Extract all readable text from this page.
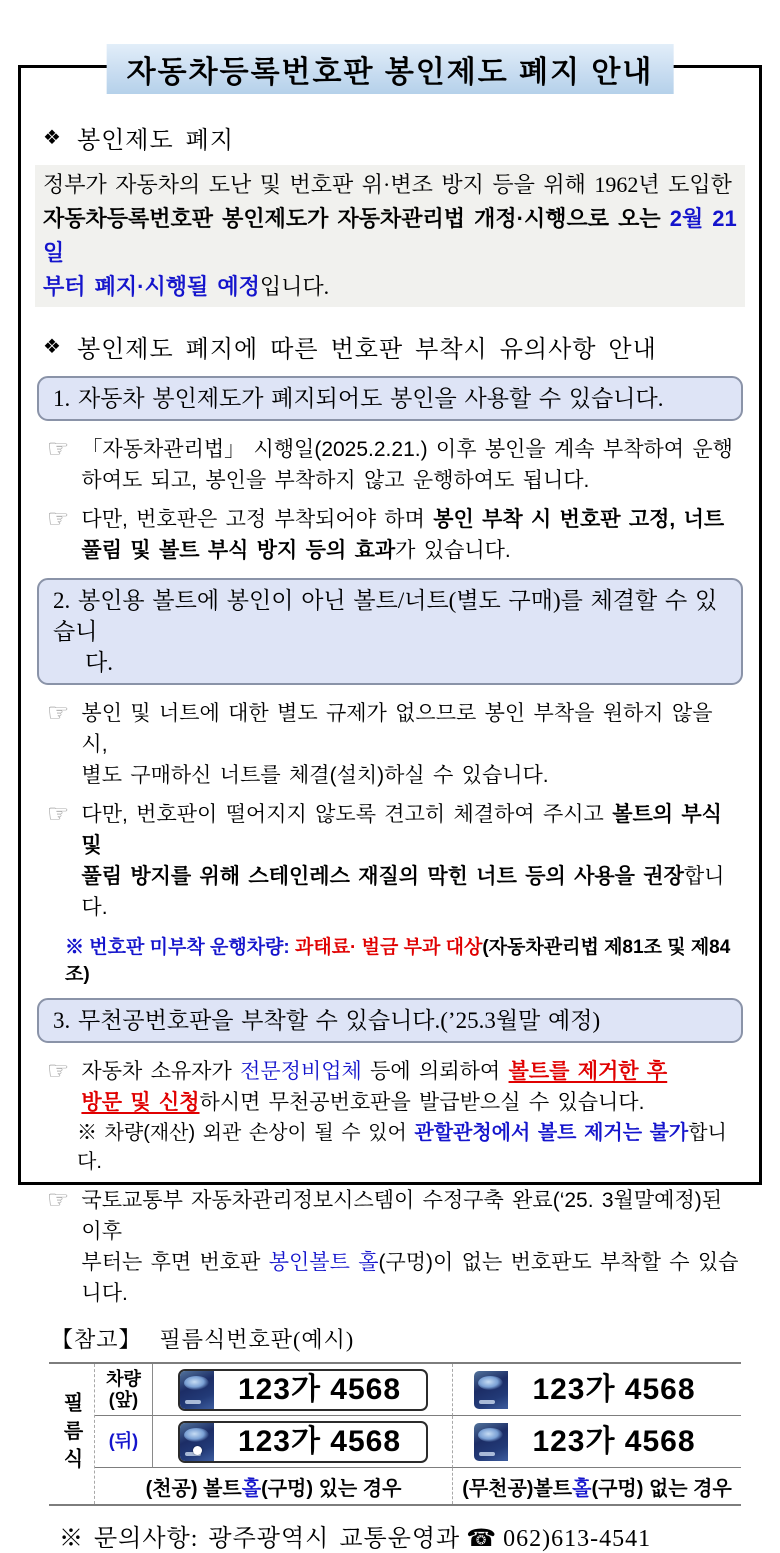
❖ 봉인제도 폐지
정부가 자동차의 도난 및 번호판 위·변조 방지 등을 위해 1962년 도입한
자동차등록번호판 봉인제도가 자동차관리법 개정·시행으로 오는 2월 21일
부터 폐지·시행될 예정입니다.
❖ 봉인제도 폐지에 따른 번호판 부착시 유의사항 안내
1. 자동차 봉인제도가 폐지되어도 봉인을 사용할 수 있습니다.
☞ 「자동차관리법」 시행일(2025.2.21.) 이후 봉인을 계속 부착하여 운행
하여도 되고, 봉인을 부착하지 않고 운행하여도 됩니다.
☞ 다만, 번호판은 고정 부착되어야 하며 봉인 부착 시 번호판 고정, 너트
풀림 및 볼트 부식 방지 등의 효과가 있습니다.
2. 봉인용 볼트에 봉인이 아닌 볼트/너트(별도 구매)를 체결할 수 있습니
다.
☞ 봉인 및 너트에 대한 별도 규제가 없으므로 봉인 부착을 원하지 않을 시,
별도 구매하신 너트를 체결(설치)하실 수 있습니다.
☞ 다만, 번호판이 떨어지지 않도록 견고히 체결하여 주시고 볼트의 부식 및
풀림 방지를 위해 스테인레스 재질의 막힌 너트 등의 사용을 권장합니다.
※ 번호판 미부착 운행차량: 과태료· 벌금 부과 대상(자동차관리법 제81조 및 제84조)
3. 무천공번호판을 부착할 수 있습니다.(’25.3월말 예정)
☞ 자동차 소유자가 전문정비업체 등에 의뢰하여 볼트를 제거한 후
방문 및 신청하시면 무천공번호판을 발급받으실 수 있습니다.
※ 차량(재산) 외관 손상이 될 수 있어 관할관청에서 볼트 제거는 불가합니다.
☞ 국토교통부 자동차관리정보시스템이 수정구축 완료(‘25. 3월말예정)된 이후
부터는 후면 번호판 봉인볼트 홀(구멍)이 없는 번호판도 부착할 수 있습니다.
【참고】 필름식번호판(예시)
필름식
차량
(앞)	123가 4568	123가 4568
(뒤)	123가 4568	123가 4568
(천공) 볼트 홀 (구멍) 있는 경우	(무천공)볼트 홀 (구멍) 없는 경우
※ 문의사항: 광주광역시 교통운영과 ☎ 062)613-4541
자동차등록번호판 봉인제도 폐지 안내
